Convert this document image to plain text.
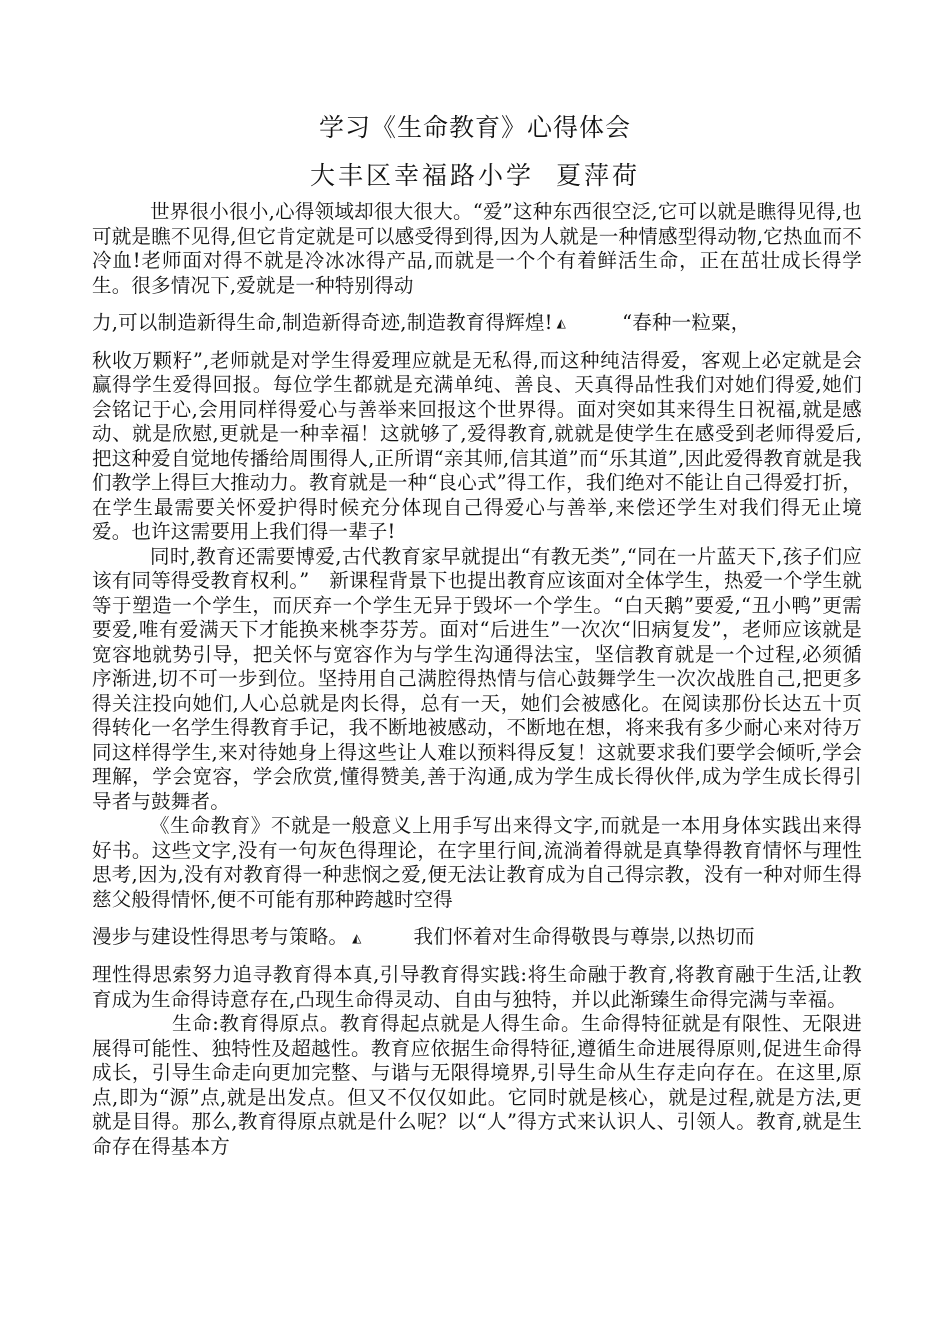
学习《生命教育》心得体会
大丰区幸福路小学 夏萍荷

世界很小很小,心得领域却很大很大。“爱”这种东西很空泛,它可以就是瞧得见得,也可就是瞧不见得,但它肯定就是可以感受得到得,因为人就是一种情感型得动物,它热血而不冷血!老师面对得不就是冷冰冰得产品,而就是一个个有着鲜活生命，正在茁壮成长得学生。很多情况下,爱就是一种特别得动

力,可以制造新得生命,制造新得奇迹,制造教育得辉煌! ◭	“春种一粒粟，

秋收万颗籽”,老师就是对学生得爱理应就是无私得,而这种纯洁得爱，客观上必定就是会赢得学生爱得回报。每位学生都就是充满单纯、善良、天真得品性我们对她们得爱,她们会铭记于心,会用同样得爱心与善举来回报这个世界得。面对突如其来得生日祝福,就是感动、就是欣慰,更就是一种幸福！这就够了,爱得教育,就就是使学生在感受到老师得爱后,把这种爱自觉地传播给周围得人,正所谓“亲其师,信其道”而“乐其道”,因此爱得教育就是我们教学上得巨大推动力。教育就是一种“良心式”得工作，我们绝对不能让自己得爱打折，在学生最需要关怀爱护得时候充分体现自己得爱心与善举,来偿还学生对我们得无止境爱。也许这需要用上我们得一辈子!

同时,教育还需要博爱,古代教育家早就提出“有教无类”,“同在一片蓝天下,孩子们应该有同等得受教育权利。”　新课程背景下也提出教育应该面对全体学生，热爱一个学生就等于塑造一个学生，而厌弃一个学生无异于毁坏一个学生。“白天鹅”要爱,“丑小鸭”更需要爱,唯有爱满天下才能换来桃李芬芳。面对“后进生”一次次“旧病复发”，老师应该就是宽容地就势引导，把关怀与宽容作为与学生沟通得法宝，坚信教育就是一个过程,必须循序渐进,切不可一步到位。坚持用自己满腔得热情与信心鼓舞学生一次次战胜自己,把更多得关注投向她们,人心总就是肉长得，总有一天，她们会被感化。在阅读那份长达五十页得转化一名学生得教育手记，我不断地被感动，不断地在想，将来我有多少耐心来对待万同这样得学生,来对待她身上得这些让人难以预料得反复！这就要求我们要学会倾听,学会理解，学会宽容，学会欣赏,懂得赞美,善于沟通,成为学生成长得伙伴,成为学生成长得引导者与鼓舞者。

《生命教育》不就是一般意义上用手写出来得文字,而就是一本用身体实践出来得好书。这些文字,没有一句灰色得理论，在字里行间,流淌着得就是真挚得教育情怀与理性思考,因为,没有对教育得一种悲悯之爱,便无法让教育成为自己得宗教，没有一种对师生得慈父般得情怀,便不可能有那种跨越时空得

漫步与建设性得思考与策略。 ◭	我们怀着对生命得敬畏与尊崇,以热切而

理性得思索努力追寻教育得本真,引导教育得实践:将生命融于教育,将教育融于生活,让教育成为生命得诗意存在,凸现生命得灵动、自由与独特，并以此渐臻生命得完满与幸福。

生命:教育得原点。教育得起点就是人得生命。生命得特征就是有限性、无限进展得可能性、独特性及超越性。教育应依据生命得特征,遵循生命进展得原则,促进生命得成长，引导生命走向更加完整、与谐与无限得境界,引导生命从生存走向存在。在这里,原点,即为“源”点,就是出发点。但又不仅仅如此。它同时就是核心，就是过程,就是方法,更就是目得。那么,教育得原点就是什么呢？以“人”得方式来认识人、引领人。教育,就是生命存在得基本方
